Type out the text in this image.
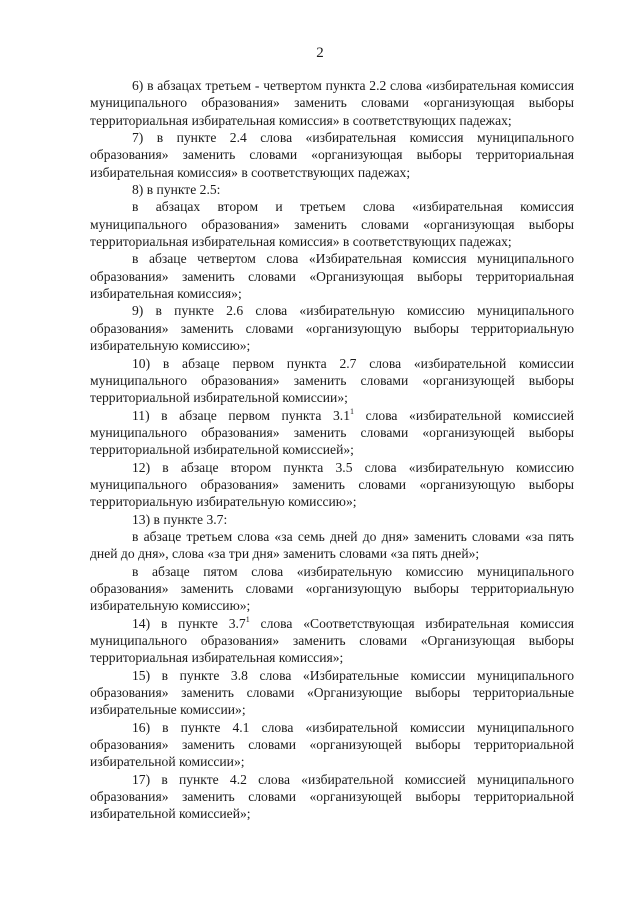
2

6) в абзацах третьем - четвертом пункта 2.2 слова «избирательная комиссия муниципального образования» заменить словами «организующая выборы территориальная избирательная комиссия» в соответствующих падежах;

7) в пункте 2.4 слова «избирательная комиссия муниципального образования» заменить словами «организующая выборы территориальная избирательная комиссия» в соответствующих падежах;

8) в пункте 2.5:

в абзацах втором и третьем слова «избирательная комиссия муниципального образования» заменить словами «организующая выборы территориальная избирательная комиссия» в соответствующих падежах;

в абзаце четвертом слова «Избирательная комиссия муниципального образования» заменить словами «Организующая выборы территориальная избирательная комиссия»;

9) в пункте 2.6 слова «избирательную комиссию муниципального образования» заменить словами «организующую выборы территориальную избирательную комиссию»;

10) в абзаце первом пункта 2.7 слова «избирательной комиссии муниципального образования» заменить словами «организующей выборы территориальной избирательной комиссии»;

11) в абзаце первом пункта $3.1^1$ слова «избирательной комиссией муниципального образования» заменить словами «организующей выборы территориальной избирательной комиссией»;

12) в абзаце втором пункта 3.5 слова «избирательную комиссию муниципального образования» заменить словами «организующую выборы территориальную избирательную комиссию»;

13) в пункте 3.7:

в абзаце третьем слова «за семь дней до дня» заменить словами «за пять дней до дня», слова «за три дня» заменить словами «за пять дней»;

в абзаце пятом слова «избирательную комиссию муниципального образования» заменить словами «организующую выборы территориальную избирательную комиссию»;

14) в пункте $3.7^1$ слова «Соответствующая избирательная комиссия муниципального образования» заменить словами «Организующая выборы территориальная избирательная комиссия»;

15) в пункте 3.8 слова «Избирательные комиссии муниципального образования» заменить словами «Организующие выборы территориальные избирательные комиссии»;

16) в пункте 4.1 слова «избирательной комиссии муниципального образования» заменить словами «организующей выборы территориальной избирательной комиссии»;

17) в пункте 4.2 слова «избирательной комиссией муниципального образования» заменить словами «организующей выборы территориальной избирательной комиссией»;
